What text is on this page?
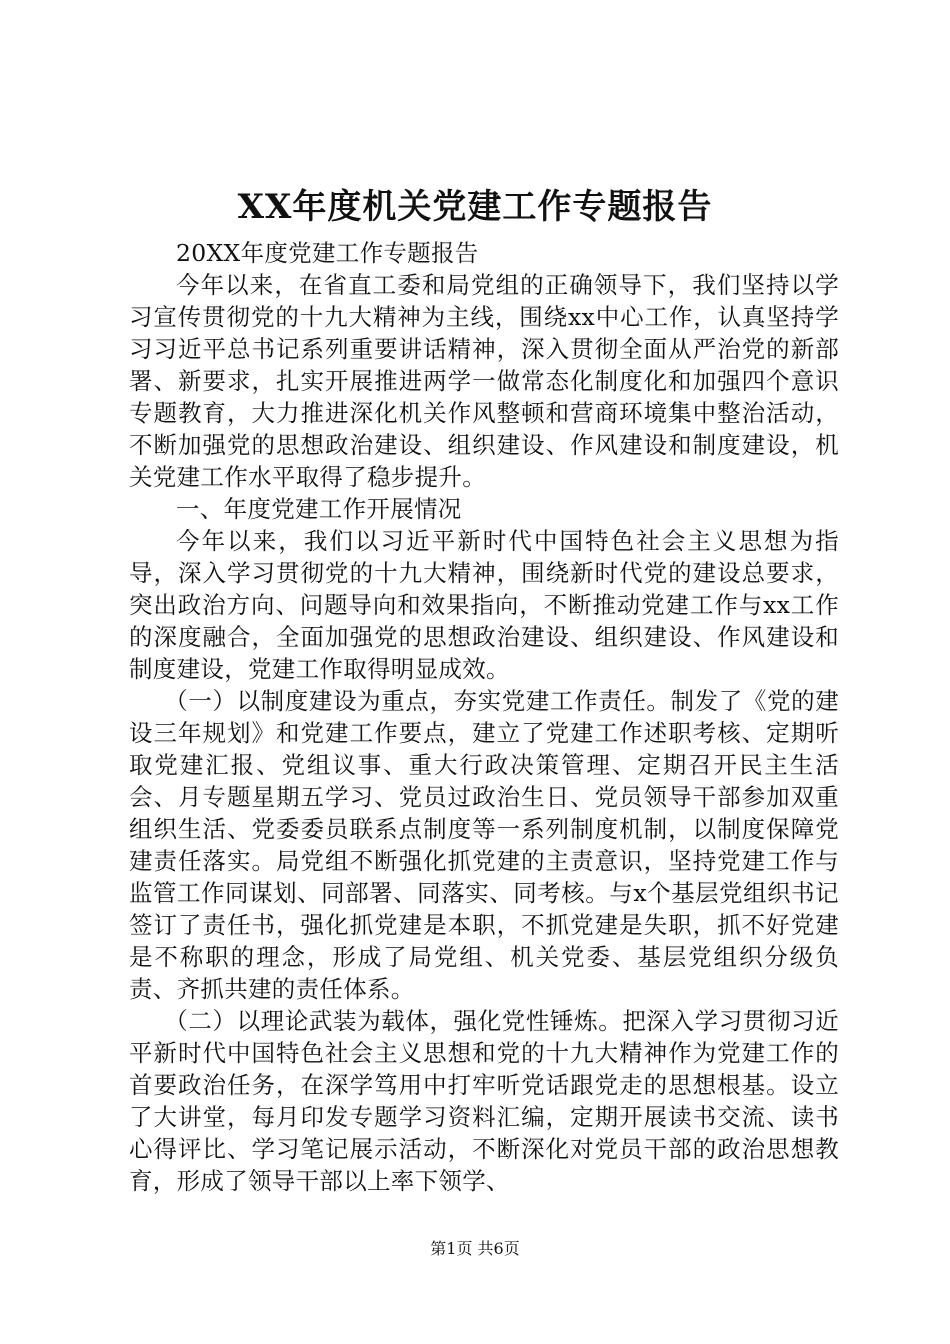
XX年度机关党建工作专题报告

20XX年度党建工作专题报告

今年以来，在省直工委和局党组的正确领导下，我们坚持以学习宣传贯彻党的十九大精神为主线，围绕xx中心工作，认真坚持学习习近平总书记系列重要讲话精神，深入贯彻全面从严治党的新部署、新要求，扎实开展推进两学一做常态化制度化和加强四个意识专题教育，大力推进深化机关作风整顿和营商环境集中整治活动，不断加强党的思想政治建设、组织建设、作风建设和制度建设，机关党建工作水平取得了稳步提升。

一、年度党建工作开展情况

今年以来，我们以习近平新时代中国特色社会主义思想为指导，深入学习贯彻党的十九大精神，围绕新时代党的建设总要求，突出政治方向、问题导向和效果指向，不断推动党建工作与xx工作的深度融合，全面加强党的思想政治建设、组织建设、作风建设和制度建设，党建工作取得明显成效。

（一）以制度建设为重点，夯实党建工作责任。制发了《党的建设三年规划》和党建工作要点，建立了党建工作述职考核、定期听取党建汇报、党组议事、重大行政决策管理、定期召开民主生活会、月专题星期五学习、党员过政治生日、党员领导干部参加双重组织生活、党委委员联系点制度等一系列制度机制，以制度保障党建责任落实。局党组不断强化抓党建的主责意识，坚持党建工作与监管工作同谋划、同部署、同落实、同考核。与x个基层党组织书记签订了责任书，强化抓党建是本职，不抓党建是失职，抓不好党建是不称职的理念，形成了局党组、机关党委、基层党组织分级负责、齐抓共建的责任体系。

（二）以理论武装为载体，强化党性锤炼。把深入学习贯彻习近平新时代中国特色社会主义思想和党的十九大精神作为党建工作的首要政治任务，在深学笃用中打牢听党话跟党走的思想根基。设立了大讲堂，每月印发专题学习资料汇编，定期开展读书交流、读书心得评比、学习笔记展示活动，不断深化对党员干部的政治思想教育，形成了领导干部以上率下领学、

第1页 共6页
